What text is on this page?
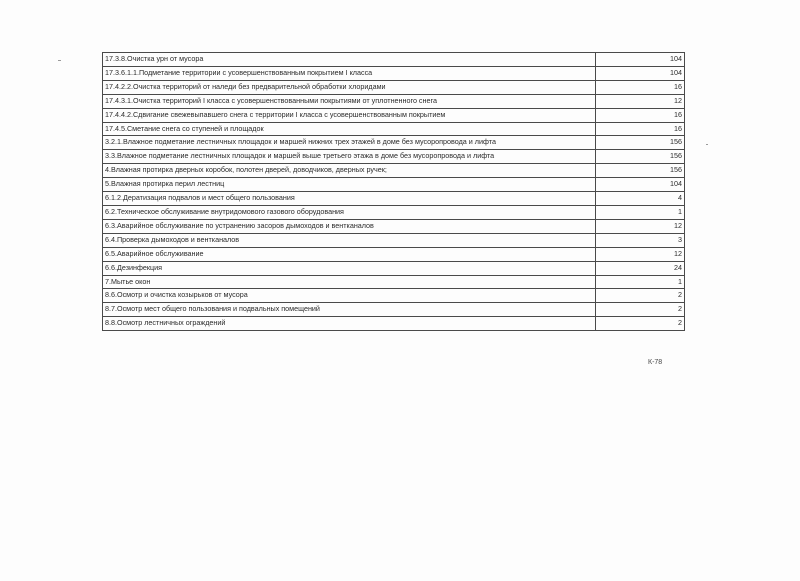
17.3.8.Очистка урн от мусора	104
17.3.6.1.1.Подметание территории с усовершенствованным покрытием I класса	104
17.4.2.2.Очистка территорий от наледи без предварительной обработки хлоридами	16
17.4.3.1.Очистка территорий I класса с усовершенствованными покрытиями от уплотненного снега	12
17.4.4.2.Сдвигание свежевыпавшего снега с территории I класса с усовершенствованным покрытием	16
17.4.5.Сметание снега со ступеней и площадок	16
3.2.1.Влажное подметание лестничных площадок и маршей нижних трех этажей в доме без мусоропровода и лифта	156
3.3.Влажное подметание лестничных площадок и маршей выше третьего этажа в доме без мусоропровода и лифта	156
4.Влажная протирка дверных коробок, полотен дверей, доводчиков, дверных ручек;	156
5.Влажная протирка перил лестниц	104
6.1.2.Дератизация подвалов и мест общего пользования	4
6.2.Техническое обслуживание внутридомового газового оборудования	1
6.3.Аварийное обслуживание по устранению засоров дымоходов и вентканалов	12
6.4.Проверка дымоходов и вентканалов	3
6.5.Аварийное обслуживание	12
6.6.Дезинфекция	24
7.Мытье окон	1
8.6.Осмотр и очистка козырьков от мусора	2
8.7.Осмотр мест общего пользования и подвальных помещений	2
8.8.Осмотр лестничных ограждений	2
К-78
